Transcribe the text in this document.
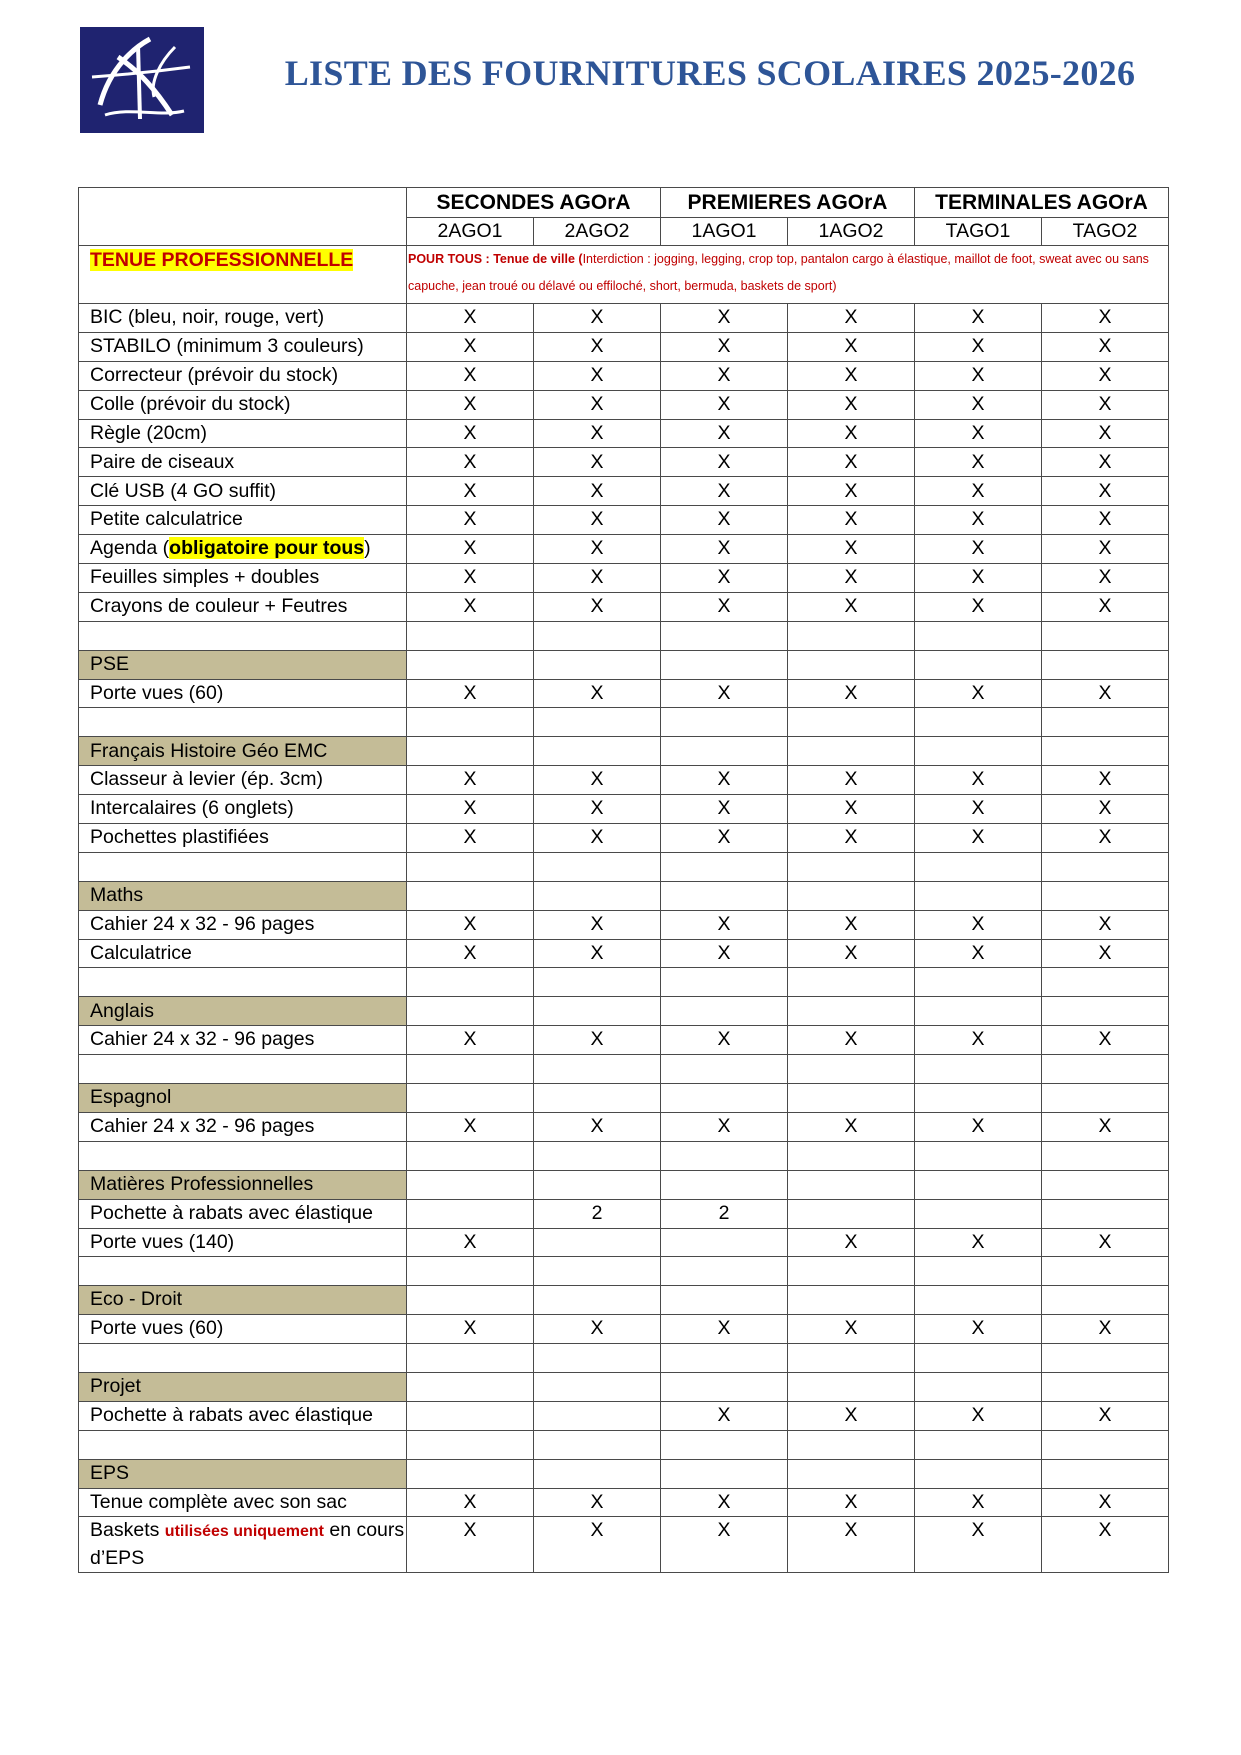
LISTE DES FOURNITURES SCOLAIRES 2025-2026
	SECONDES AGOrA		PREMIERES AGOrA		TERMINALES AGOrA	
	2AGO1	2AGO2	1AGO1	1AGO2	TAGO1	TAGO2
TENUE PROFESSIONNELLE	POUR TOUS : Tenue de ville (Interdiction : jogging, legging, crop top, pantalon cargo à élastique, maillot de foot, sweat avec ou sans capuche, jean troué ou délavé ou effiloché, short, bermuda, baskets de sport)					
BIC (bleu, noir, rouge, vert)	X	X	X	X	X	X
STABILO (minimum 3 couleurs)	X	X	X	X	X	X
Correcteur (prévoir du stock)	X	X	X	X	X	X
Colle (prévoir du stock)	X	X	X	X	X	X
Règle (20cm)	X	X	X	X	X	X
Paire de ciseaux	X	X	X	X	X	X
Clé USB (4 GO suffit)	X	X	X	X	X	X
Petite calculatrice	X	X	X	X	X	X
Agenda (obligatoire pour tous)	X	X	X	X	X	X
Feuilles simples + doubles	X	X	X	X	X	X
Crayons de couleur + Feutres	X	X	X	X	X	X

PSE						
Porte vues (60)	X	X	X	X	X	X

Français Histoire Géo EMC						
Classeur à levier (ép. 3cm)	X	X	X	X	X	X
Intercalaires (6 onglets)	X	X	X	X	X	X
Pochettes plastifiées	X	X	X	X	X	X

Maths						
Cahier 24 x 32 - 96 pages	X	X	X	X	X	X
Calculatrice	X	X	X	X	X	X

Anglais						
Cahier 24 x 32 - 96 pages	X	X	X	X	X	X

Espagnol						
Cahier 24 x 32 - 96 pages	X	X	X	X	X	X

Matières Professionnelles						
Pochette à rabats avec élastique		2	2			
Porte vues (140)	X			X	X	X

Eco - Droit						
Porte vues (60)	X	X	X	X	X	X

Projet						
Pochette à rabats avec élastique			X	X	X	X

EPS						
Tenue complète avec son sac	X	X	X	X	X	X
Baskets utilisées uniquement en cours d’EPS	X	X	X	X	X	X
